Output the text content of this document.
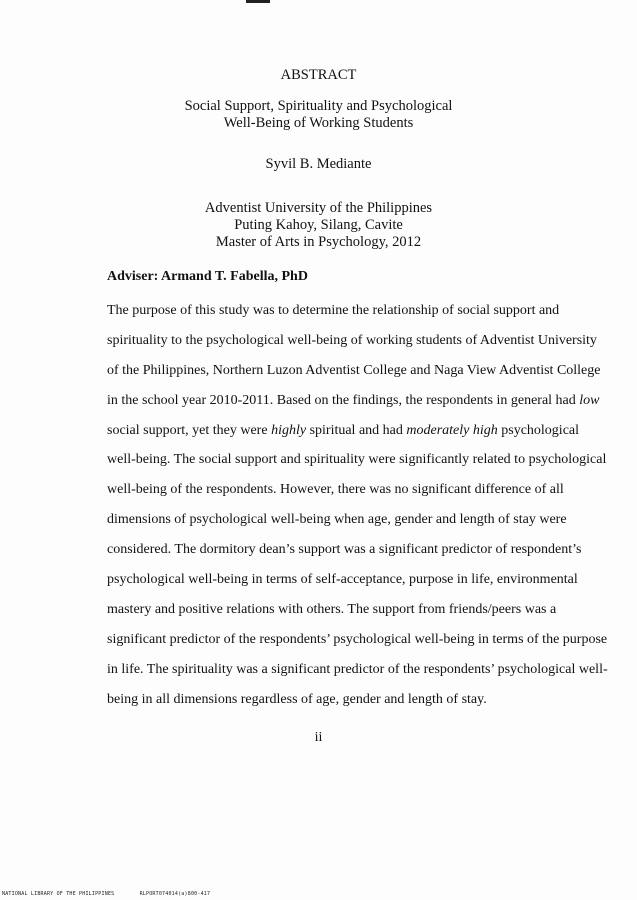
ABSTRACT
Social Support, Spirituality and Psychological
Well-Being of Working Students
Syvil B. Mediante
Adventist University of the Philippines
Puting Kahoy, Silang, Cavite
Master of Arts in Psychology, 2012
Adviser: Armand T. Fabella, PhD
The purpose of this study was to determine the relationship of social support and
spirituality to the psychological well-being of working students of Adventist University
of the Philippines, Northern Luzon Adventist College and Naga View Adventist College
in the school year 2010-2011. Based on the findings, the respondents in general had low
social support, yet they were highly spiritual and had moderately high psychological
well-being. The social support and spirituality were significantly related to psychological
well-being of the respondents. However, there was no significant difference of all
dimensions of psychological well-being when age, gender and length of stay were
considered. The dormitory dean’s support was a significant predictor of respondent’s
psychological well-being in terms of self-acceptance, purpose in life, environmental
mastery and positive relations with others. The support from friends/peers was a
significant predictor of the respondents’ psychological well-being in terms of the purpose
in life. The spirituality was a significant predictor of the respondents’ psychological well-
being in all dimensions regardless of age, gender and length of stay.
ii
NATIONAL LIBRARY OF THE PHILIPPINES	RLPORT074014(a)800-417
